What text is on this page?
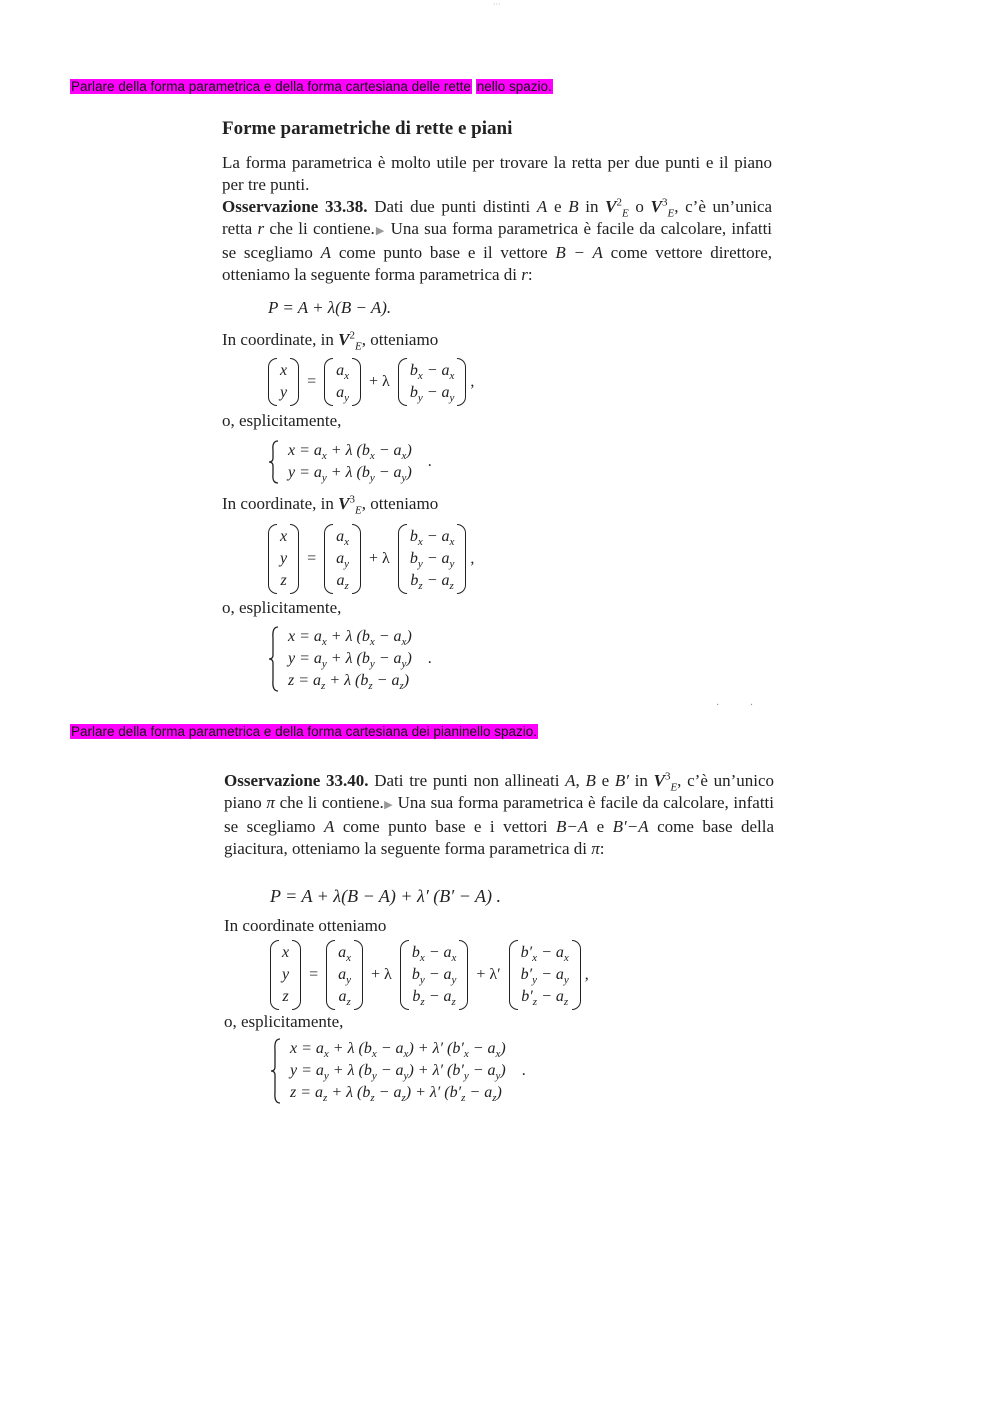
···
Parlare della forma parametrica e della forma cartesiana delle rette nello spazio.

Forme parametriche di rette e piani

La forma parametrica è molto utile per trovare la retta per due punti e il piano per tre punti.

Osservazione 33.38. Dati due punti distinti A e B in $V^2_E$ o $V^3_E$, c’è un’unica retta r che li contiene.▶ Una sua forma parametrica è facile da calcolare, infatti se scegliamo A come punto base e il vettore B − A come vettore direttore, otteniamo la seguente forma parametrica di r:

P = A + λ(B − A).
In coordinate, in $V^2_E$, otteniamo
x
y
=
$a_x$
$a_y$
+ λ
$b_x - a_x$
$b_y - a_y$
,
o, esplicitamente,
$x = a_x + \lambda$ $(b_x - a_x)$
$y = a_y + \lambda$ $(b_y - a_y)$
.
In coordinate, in $V^3_E$, otteniamo
x
y
z
=
$a_x$
$a_y$
$a_z$
+ λ
$b_x - a_x$
$b_y - a_y$
$b_z - a_z$
,
o, esplicitamente,
$x = a_x + \lambda$ $(b_x - a_x)$
$y = a_y + \lambda$ $(b_y - a_y)$
$z = a_z + \lambda$ $(b_z - a_z)$
.
· ·
Parlare della forma parametrica e della forma cartesiana dei pianinello spazio.

Osservazione 33.40. Dati tre punti non allineati A, B e B′ in $V^3_E$, c’è un’unico piano π che li contiene.▶ Una sua forma parametrica è facile da calcolare, infatti se scegliamo A come punto base e i vettori B−A e B′−A come base della giacitura, otteniamo la seguente forma parametrica di π:

P = A + λ(B − A) + λ′ (B′ − A) .
In coordinate otteniamo
x
y
z
=
$a_x$
$a_y$
$a_z$
+ λ
$b_x - a_x$
$b_y - a_y$
$b_z - a_z$
+ λ′
$b'_x - a_x$
$b'_y - a_y$
$b'_z - a_z$
,
o, esplicitamente,
$x = a_x + \lambda$ $(b_x - a_x) + \lambda'$ $(b'_x - a_x)$
$y = a_y + \lambda$ $(b_y - a_y) + \lambda'$ $(b'_y - a_y)$
$z = a_z + \lambda$ $(b_z - a_z) + \lambda'$ $(b'_z - a_z)$
.
